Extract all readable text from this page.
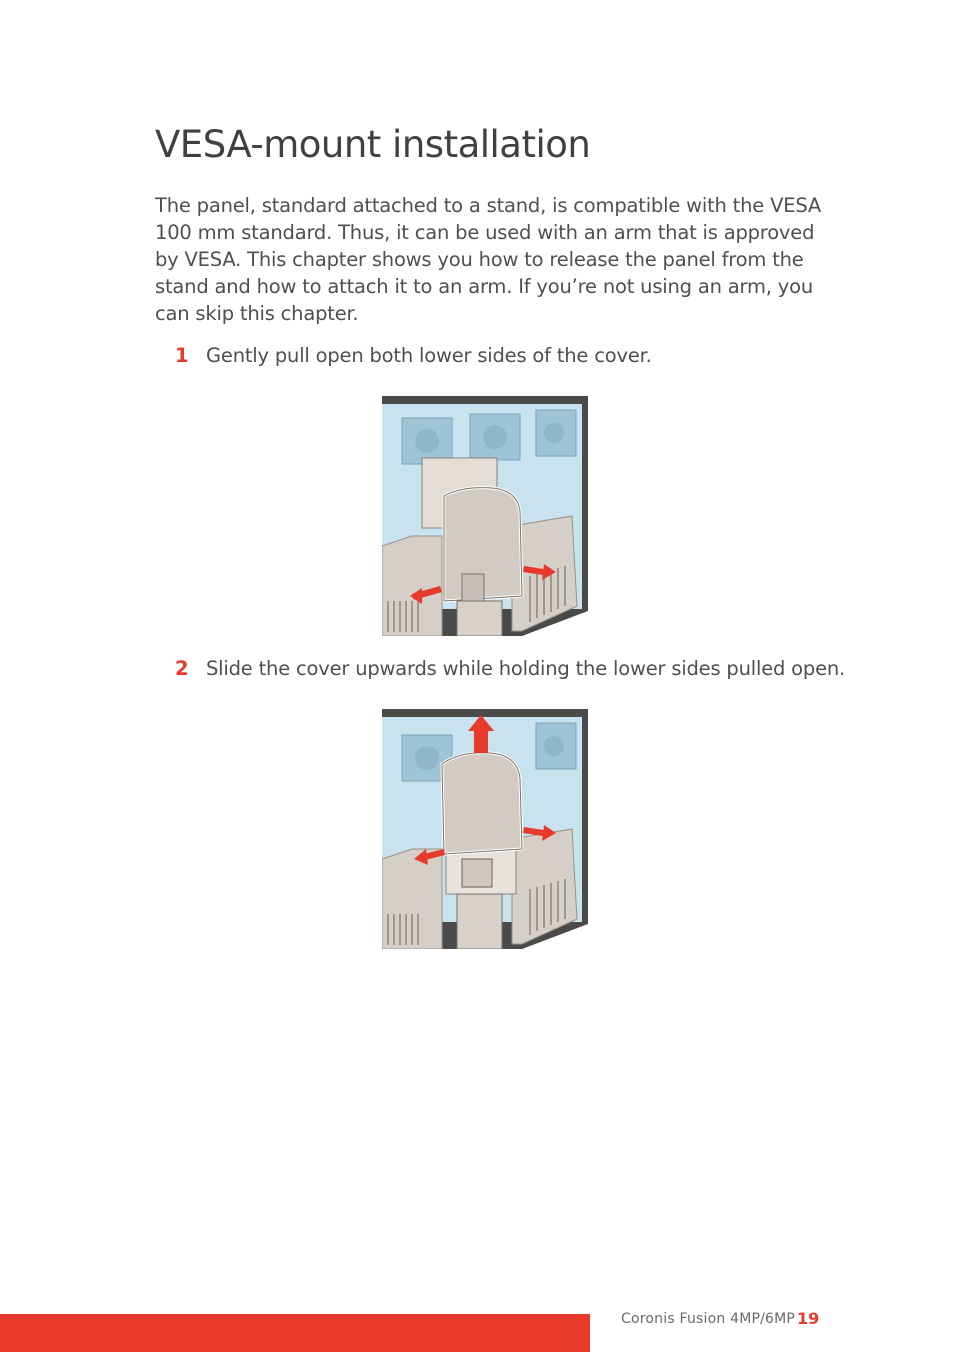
VESA-mount installation

The panel, standard attached to a stand, is compatible with the VESA 100 mm standard. Thus, it can be used with an arm that is approved by VESA. This chapter shows you how to release the panel from the stand and how to attach it to an arm. If you’re not using an arm, you can skip this chapter.

1 Gently pull open both lower sides of the cover.
2 Slide the cover upwards while holding the lower sides pulled open.
Coronis Fusion 4MP/6MP 19
